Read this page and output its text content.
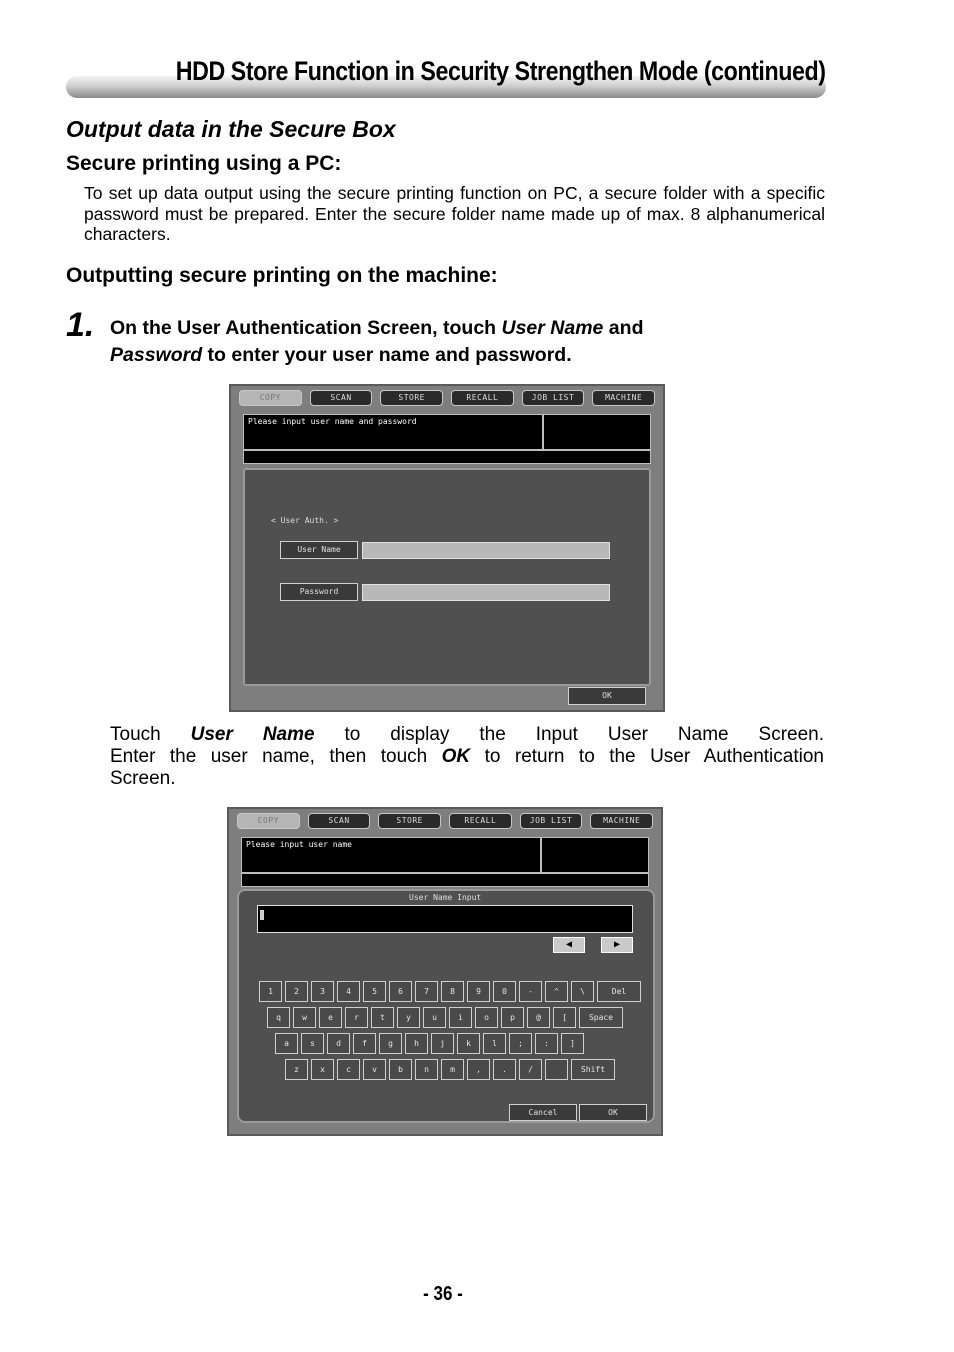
HDD Store Function in Security Strengthen Mode (continued)
Output data in the Secure Box
Secure printing using a PC:
To set up data output using the secure printing function on PC, a secure folder with a specific password must be prepared. Enter the secure folder name made up of max. 8 alphanumerical characters.
Outputting secure printing on the machine:
1. On the User Authentication Screen, touch User Name and
Password to enter your user name and password.
COPY	SCAN	STORE	RECALL	JOB LIST	MACHINE
Please input user name and password
< User Auth. >
User Name
Password
OK
Touch User Name to display the Input User Name Screen.
Enter the user name, then touch OK to return to the User Authentication
Screen.
COPY	SCAN	STORE	RECALL	JOB LIST	MACHINE
Please input user name
User Name Input
◀	▶
1	2	3	4	5	6	7	8	9	0	-	^	\	Del
q	w	e	r	t	y	u	i	o	p	@	[	Space
a	s	d	f	g	h	j	k	l	;	:	]
z	x	c	v	b	n	m	,	.	/	Shift
Cancel	OK
- 36 -
